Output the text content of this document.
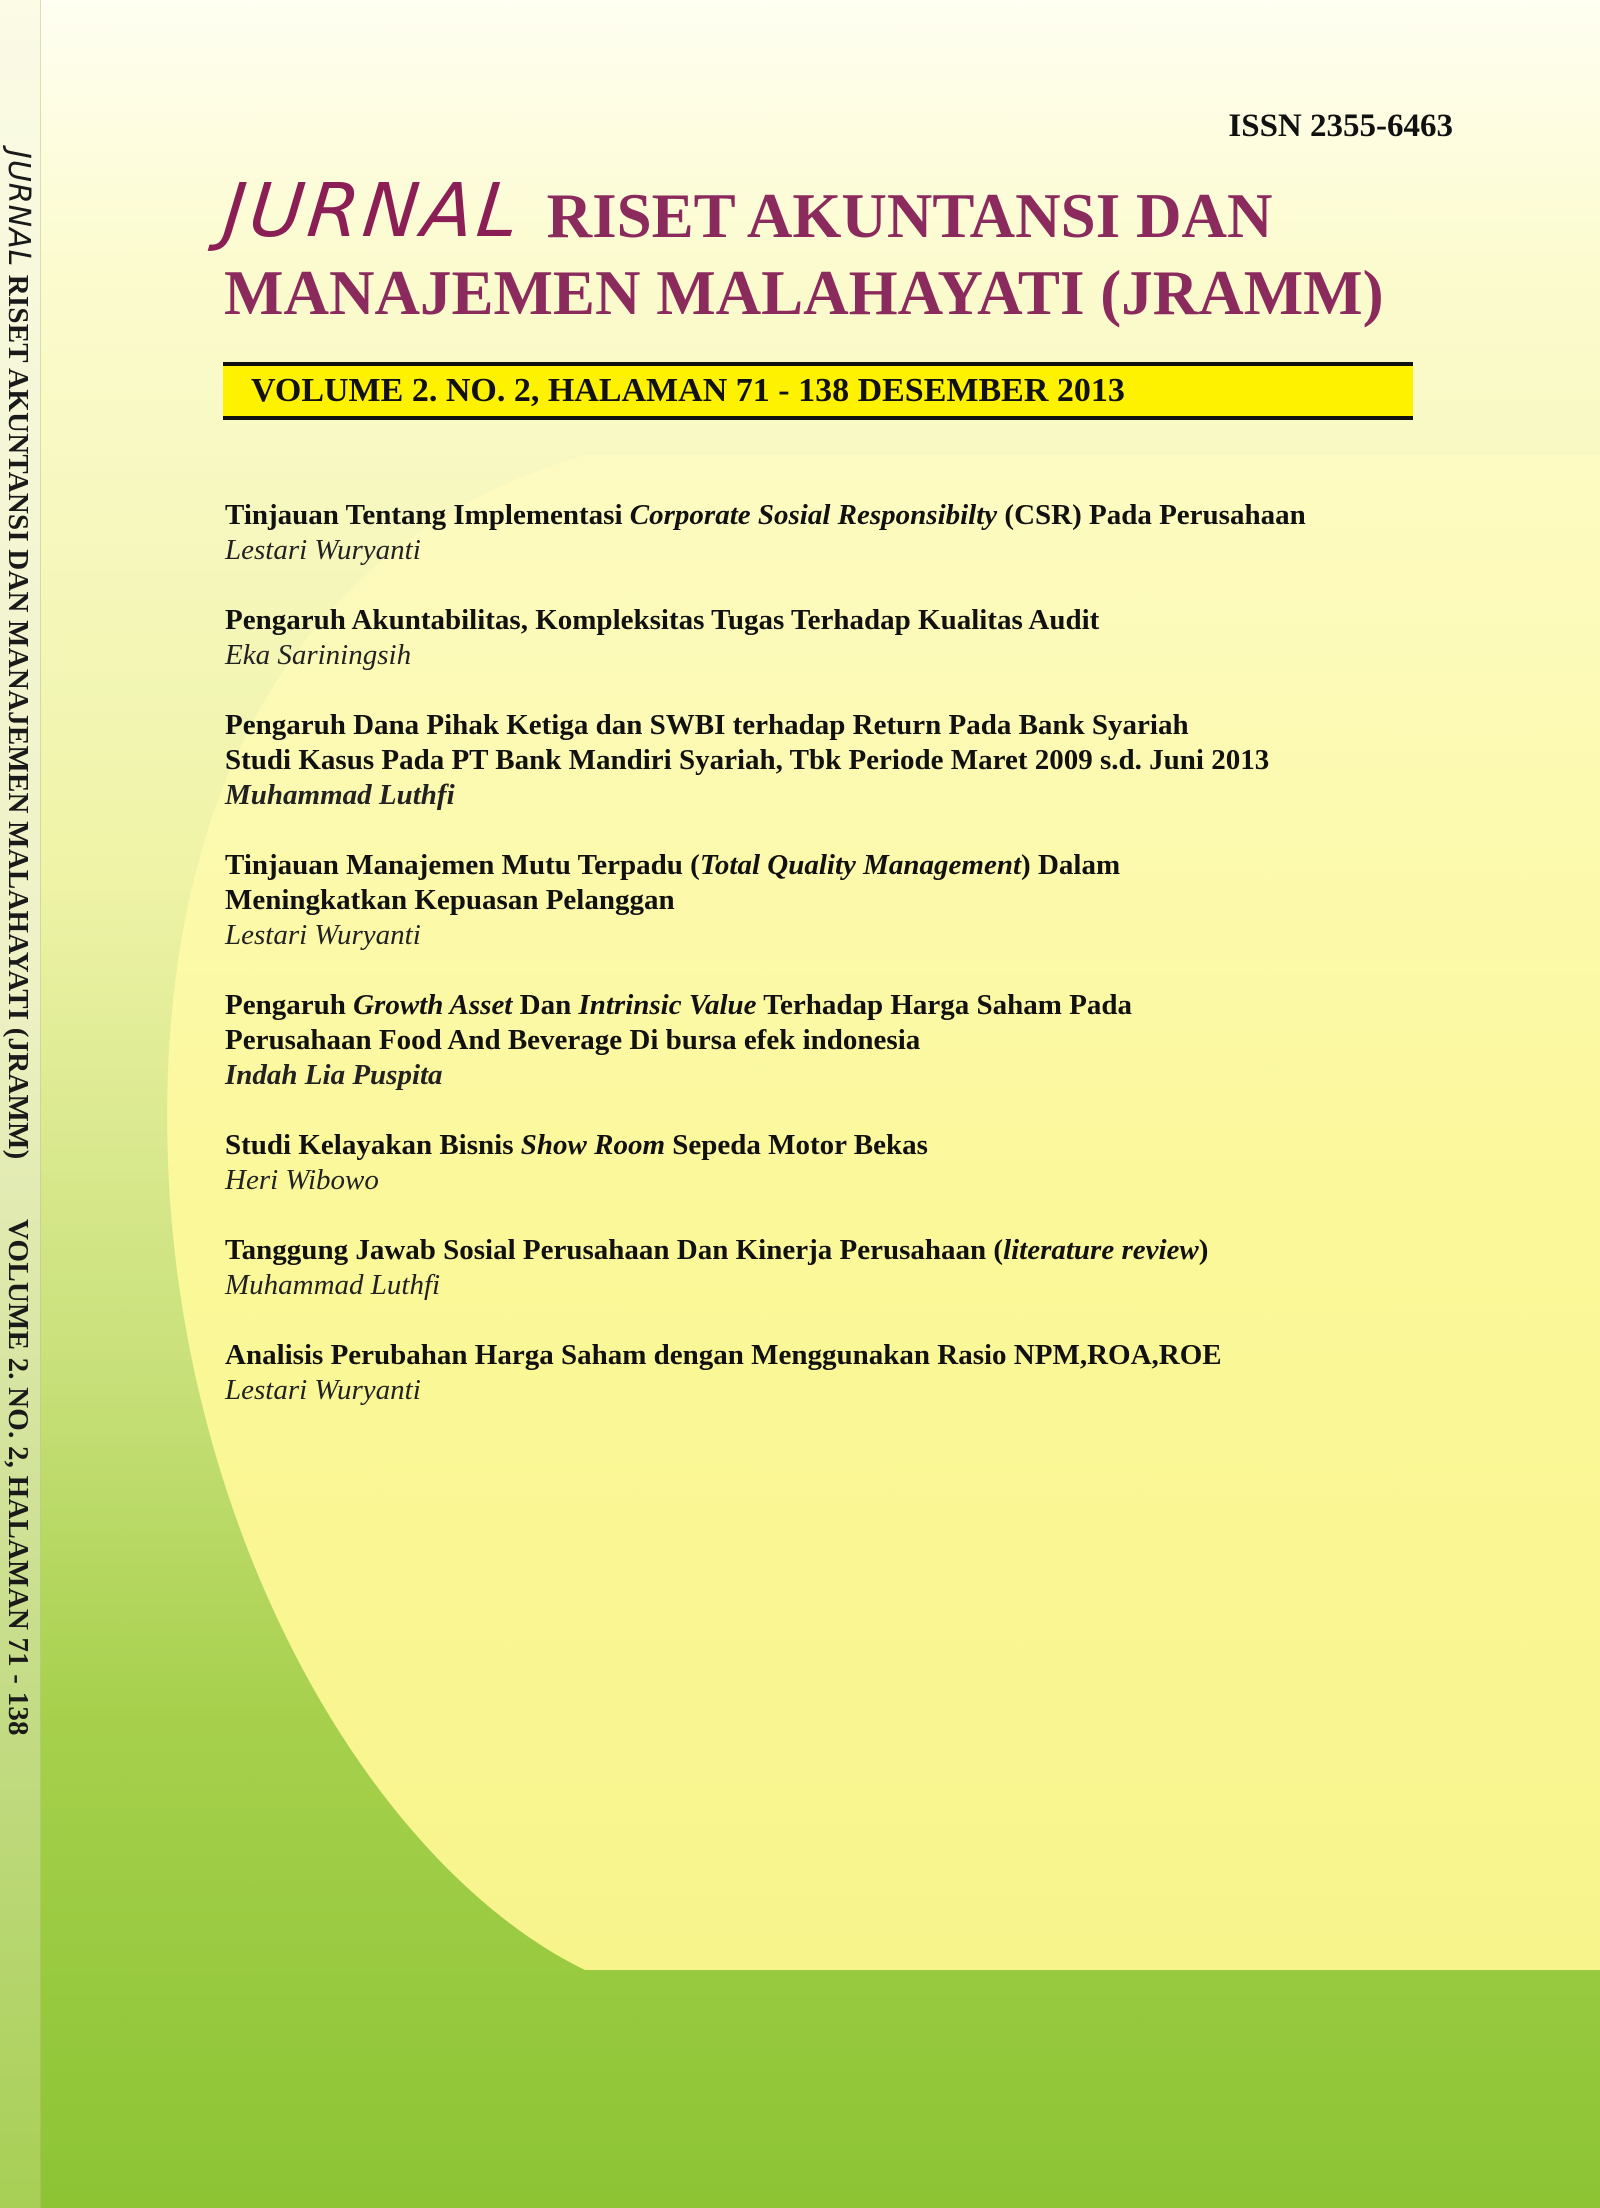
JURNAL RISET AKUNTANSI DAN MANAJEMEN MALAHAYATI (JRAMM) VOLUME 2. NO. 2, HALAMAN 71 - 138
ISSN 2355-6463
JURNAL RISET AKUNTANSI DAN
MANAJEMEN MALAHAYATI (JRAMM)
VOLUME 2. NO. 2, HALAMAN 71 - 138 DESEMBER 2013
Tinjauan Tentang Implementasi Corporate Sosial Responsibilty (CSR) Pada Perusahaan
Lestari Wuryanti
Pengaruh Akuntabilitas, Kompleksitas Tugas Terhadap Kualitas Audit
Eka Sariningsih
Pengaruh Dana Pihak Ketiga dan SWBI terhadap Return Pada Bank Syariah
Studi Kasus Pada PT Bank Mandiri Syariah, Tbk Periode Maret 2009 s.d. Juni 2013
Muhammad Luthfi
Tinjauan Manajemen Mutu Terpadu (Total Quality Management) Dalam
Meningkatkan Kepuasan Pelanggan
Lestari Wuryanti
Pengaruh Growth Asset Dan Intrinsic Value Terhadap Harga Saham Pada
Perusahaan Food And Beverage Di bursa efek indonesia
Indah Lia Puspita
Studi Kelayakan Bisnis Show Room Sepeda Motor Bekas
Heri Wibowo
Tanggung Jawab Sosial Perusahaan Dan Kinerja Perusahaan (literature review)
Muhammad Luthfi
Analisis Perubahan Harga Saham dengan Menggunakan Rasio NPM,ROA,ROE
Lestari Wuryanti
